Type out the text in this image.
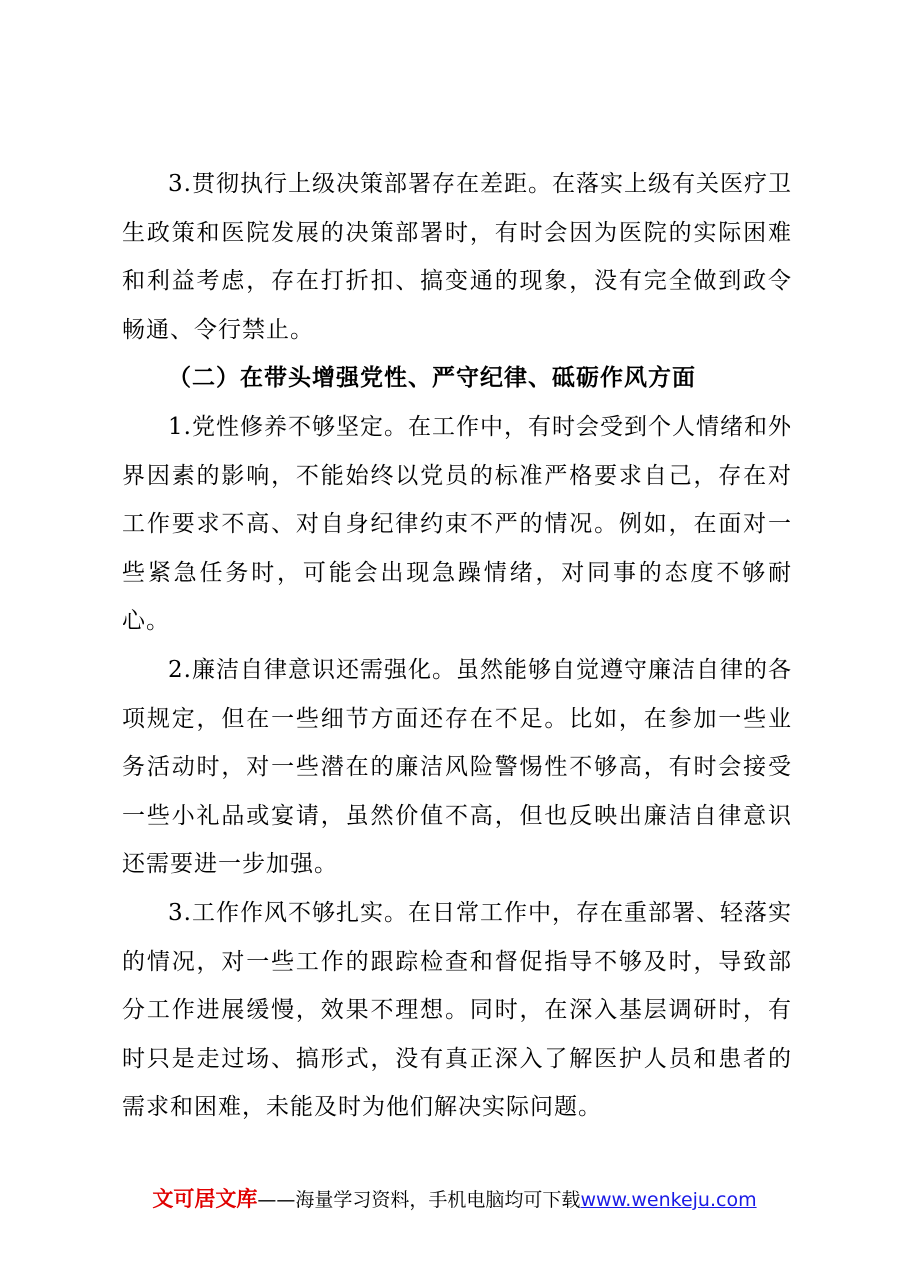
3.贯彻执行上级决策部署存在差距。在落实上级有关医疗卫生政策和医院发展的决策部署时，有时会因为医院的实际困难和利益考虑，存在打折扣、搞变通的现象，没有完全做到政令畅通、令行禁止。

（二）在带头增强党性、严守纪律、砥砺作风方面

1.党性修养不够坚定。在工作中，有时会受到个人情绪和外界因素的影响，不能始终以党员的标准严格要求自己，存在对工作要求不高、对自身纪律约束不严的情况。例如，在面对一些紧急任务时，可能会出现急躁情绪，对同事的态度不够耐心。

2.廉洁自律意识还需强化。虽然能够自觉遵守廉洁自律的各项规定，但在一些细节方面还存在不足。比如，在参加一些业务活动时，对一些潜在的廉洁风险警惕性不够高，有时会接受一些小礼品或宴请，虽然价值不高，但也反映出廉洁自律意识还需要进一步加强。

3.工作作风不够扎实。在日常工作中，存在重部署、轻落实的情况，对一些工作的跟踪检查和督促指导不够及时，导致部分工作进展缓慢，效果不理想。同时，在深入基层调研时，有时只是走过场、搞形式，没有真正深入了解医护人员和患者的需求和困难，未能及时为他们解决实际问题。

文可居文库——海量学习资料，手机电脑均可下载www.wenkeju.com
